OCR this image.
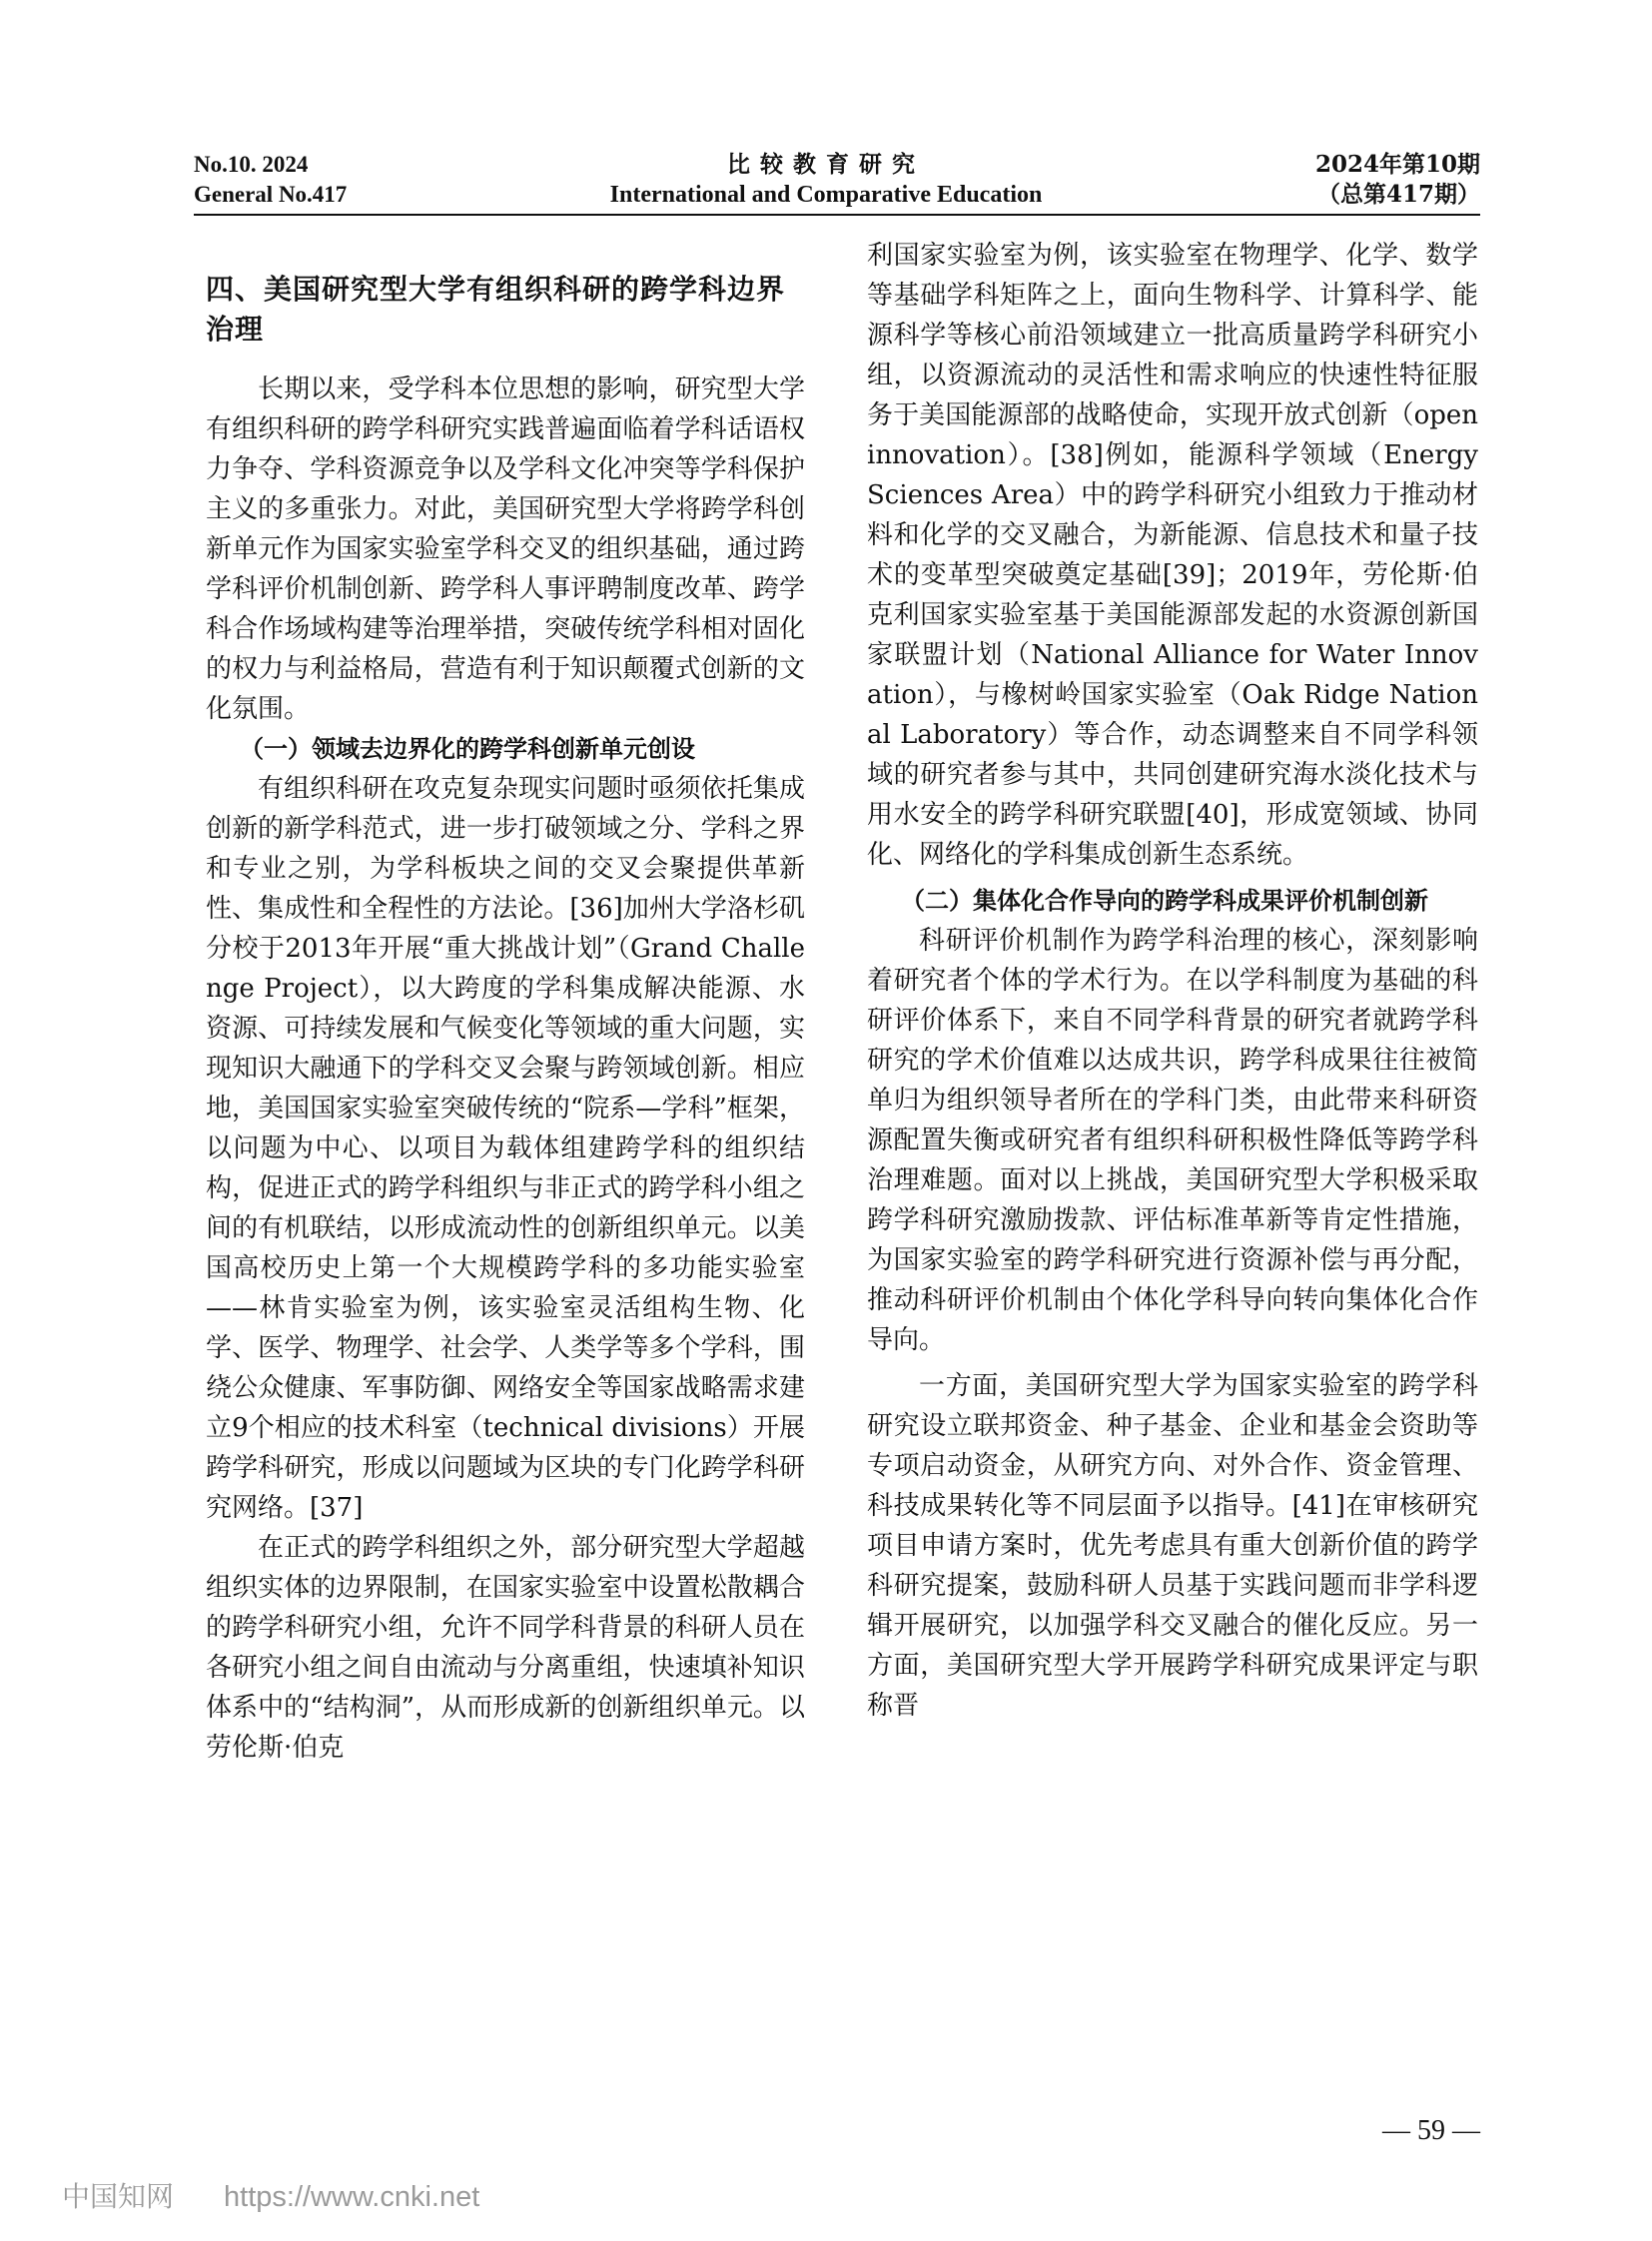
No.10. 2024
General No.417
比较教育研究
International and Comparative Education
2024年第10期
（总第417期）
四、美国研究型大学有组织科研的跨学科边界治理

长期以来，受学科本位思想的影响，研究型大学有组织科研的跨学科研究实践普遍面临着学科话语权力争夺、学科资源竞争以及学科文化冲突等学科保护主义的多重张力。对此，美国研究型大学将跨学科创新单元作为国家实验室学科交叉的组织基础，通过跨学科评价机制创新、跨学科人事评聘制度改革、跨学科合作场域构建等治理举措，突破传统学科相对固化的权力与利益格局，营造有利于知识颠覆式创新的文化氛围。

（一）领域去边界化的跨学科创新单元创设

有组织科研在攻克复杂现实问题时亟须依托集成创新的新学科范式，进一步打破领域之分、学科之界和专业之别，为学科板块之间的交叉会聚提供革新性、集成性和全程性的方法论。[36]加州大学洛杉矶分校于2013年开展“重大挑战计划”（Grand Challenge Project），以大跨度的学科集成解决能源、水资源、可持续发展和气候变化等领域的重大问题，实现知识大融通下的学科交叉会聚与跨领域创新。相应地，美国国家实验室突破传统的“院系—学科”框架，以问题为中心、以项目为载体组建跨学科的组织结构，促进正式的跨学科组织与非正式的跨学科小组之间的有机联结，以形成流动性的创新组织单元。以美国高校历史上第一个大规模跨学科的多功能实验室——林肯实验室为例，该实验室灵活组构生物、化学、医学、物理学、社会学、人类学等多个学科，围绕公众健康、军事防御、网络安全等国家战略需求建立9个相应的技术科室（technical divisions）开展跨学科研究，形成以问题域为区块的专门化跨学科研究网络。[37]

在正式的跨学科组织之外，部分研究型大学超越组织实体的边界限制，在国家实验室中设置松散耦合的跨学科研究小组，允许不同学科背景的科研人员在各研究小组之间自由流动与分离重组，快速填补知识体系中的“结构洞”，从而形成新的创新组织单元。以劳伦斯·伯克

利国家实验室为例，该实验室在物理学、化学、数学等基础学科矩阵之上，面向生物科学、计算科学、能源科学等核心前沿领域建立一批高质量跨学科研究小组，以资源流动的灵活性和需求响应的快速性特征服务于美国能源部的战略使命，实现开放式创新（open innovation）。[38]例如，能源科学领域（Energy Sciences Area）中的跨学科研究小组致力于推动材料和化学的交叉融合，为新能源、信息技术和量子技术的变革型突破奠定基础[39]；2019年，劳伦斯·伯克利国家实验室基于美国能源部发起的水资源创新国家联盟计划（National Alliance for Water Innovation），与橡树岭国家实验室（Oak Ridge National Laboratory）等合作，动态调整来自不同学科领域的研究者参与其中，共同创建研究海水淡化技术与用水安全的跨学科研究联盟[40]，形成宽领域、协同化、网络化的学科集成创新生态系统。

（二）集体化合作导向的跨学科成果评价机制创新

科研评价机制作为跨学科治理的核心，深刻影响着研究者个体的学术行为。在以学科制度为基础的科研评价体系下，来自不同学科背景的研究者就跨学科研究的学术价值难以达成共识，跨学科成果往往被简单归为组织领导者所在的学科门类，由此带来科研资源配置失衡或研究者有组织科研积极性降低等跨学科治理难题。面对以上挑战，美国研究型大学积极采取跨学科研究激励拨款、评估标准革新等肯定性措施，为国家实验室的跨学科研究进行资源补偿与再分配，推动科研评价机制由个体化学科导向转向集体化合作导向。

一方面，美国研究型大学为国家实验室的跨学科研究设立联邦资金、种子基金、企业和基金会资助等专项启动资金，从研究方向、对外合作、资金管理、科技成果转化等不同层面予以指导。[41]在审核研究项目申请方案时，优先考虑具有重大创新价值的跨学科研究提案，鼓励科研人员基于实践问题而非学科逻辑开展研究，以加强学科交叉融合的催化反应。另一方面，美国研究型大学开展跨学科研究成果评定与职称晋

— 59 —
中国知网 https://www.cnki.net
